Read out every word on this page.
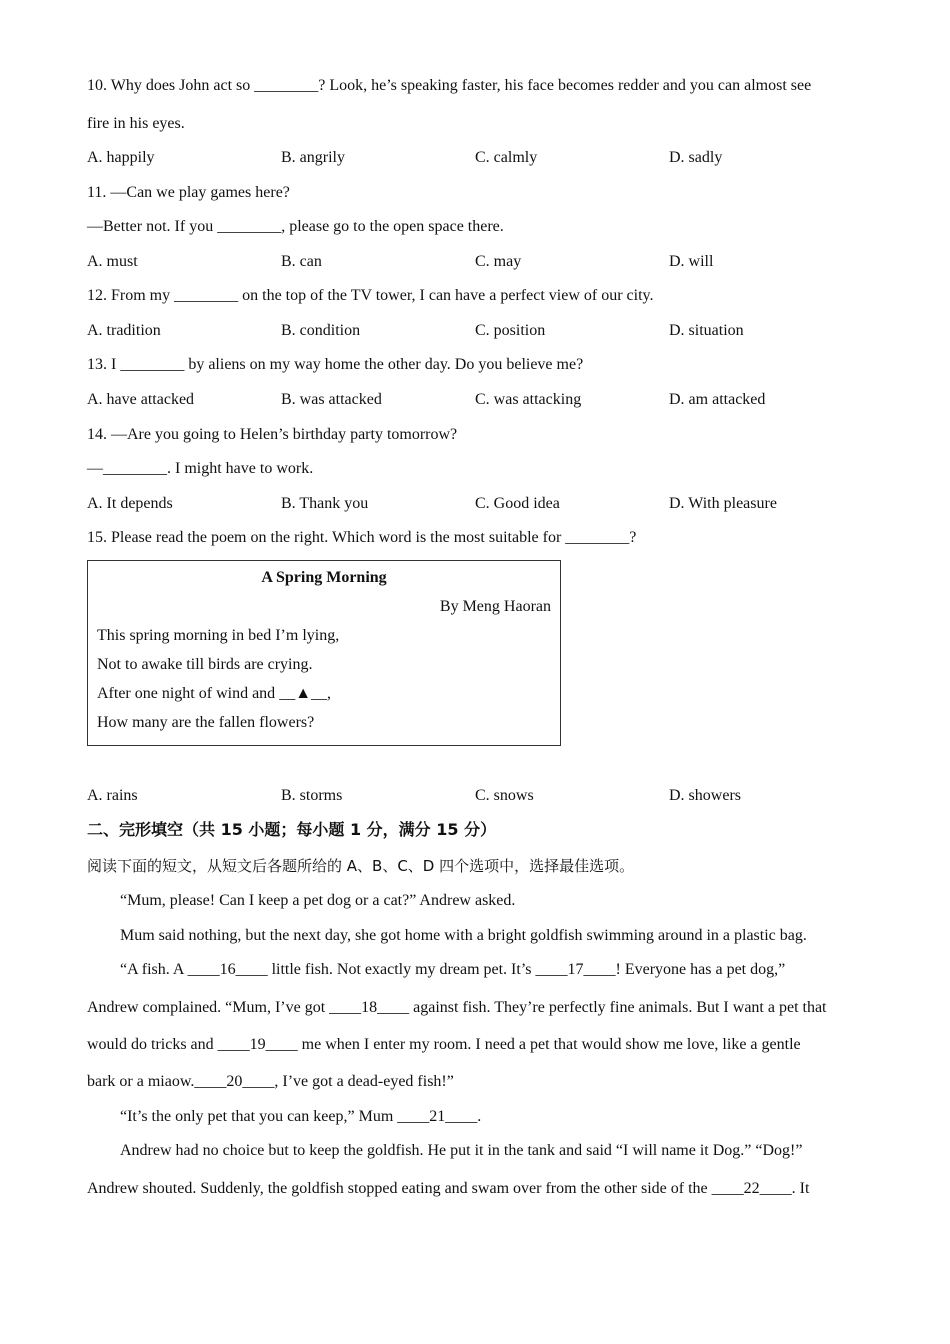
10. Why does John act so ________? Look, he’s speaking faster, his face becomes redder and you can almost see
fire in his eyes.
A. happily	B. angrily	C. calmly	D. sadly
11. —Can we play games here?
—Better not. If you ________, please go to the open space there.
A. must	B. can	C. may	D. will
12. From my ________ on the top of the TV tower, I can have a perfect view of our city.
A. tradition	B. condition	C. position	D. situation
13. I ________ by aliens on my way home the other day. Do you believe me?
A. have attacked	B. was attacked	C. was attacking	D. am attacked
14. —Are you going to Helen’s birthday party tomorrow?
—________. I might have to work.
A. It depends	B. Thank you	C. Good idea	D. With pleasure
15. Please read the poem on the right. Which word is the most suitable for ________?
A Spring Morning
By Meng Haoran
This spring morning in bed I’m lying,
Not to awake till birds are crying.
After one night of wind and __▲__,
How many are the fallen flowers?
A. rains	B. storms	C. snows	D. showers
二、完形填空（共 15 小题；每小题 1 分，满分 15 分）
阅读下面的短文，从短文后各题所给的 A、B、C、D 四个选项中，选择最佳选项。
“Mum, please! Can I keep a pet dog or a cat?” Andrew asked.
Mum said nothing, but the next day, she got home with a bright goldfish swimming around in a plastic bag.
“A fish. A ____16____ little fish. Not exactly my dream pet. It’s ____17____! Everyone has a pet dog,”
Andrew complained. “Mum, I’ve got ____18____ against fish. They’re perfectly fine animals. But I want a pet that
would do tricks and ____19____ me when I enter my room. I need a pet that would show me love, like a gentle
bark or a miaow.____20____, I’ve got a dead-eyed fish!”
“It’s the only pet that you can keep,” Mum ____21____.
Andrew had no choice but to keep the goldfish. He put it in the tank and said “I will name it Dog.” “Dog!”
Andrew shouted. Suddenly, the goldfish stopped eating and swam over from the other side of the ____22____. It
